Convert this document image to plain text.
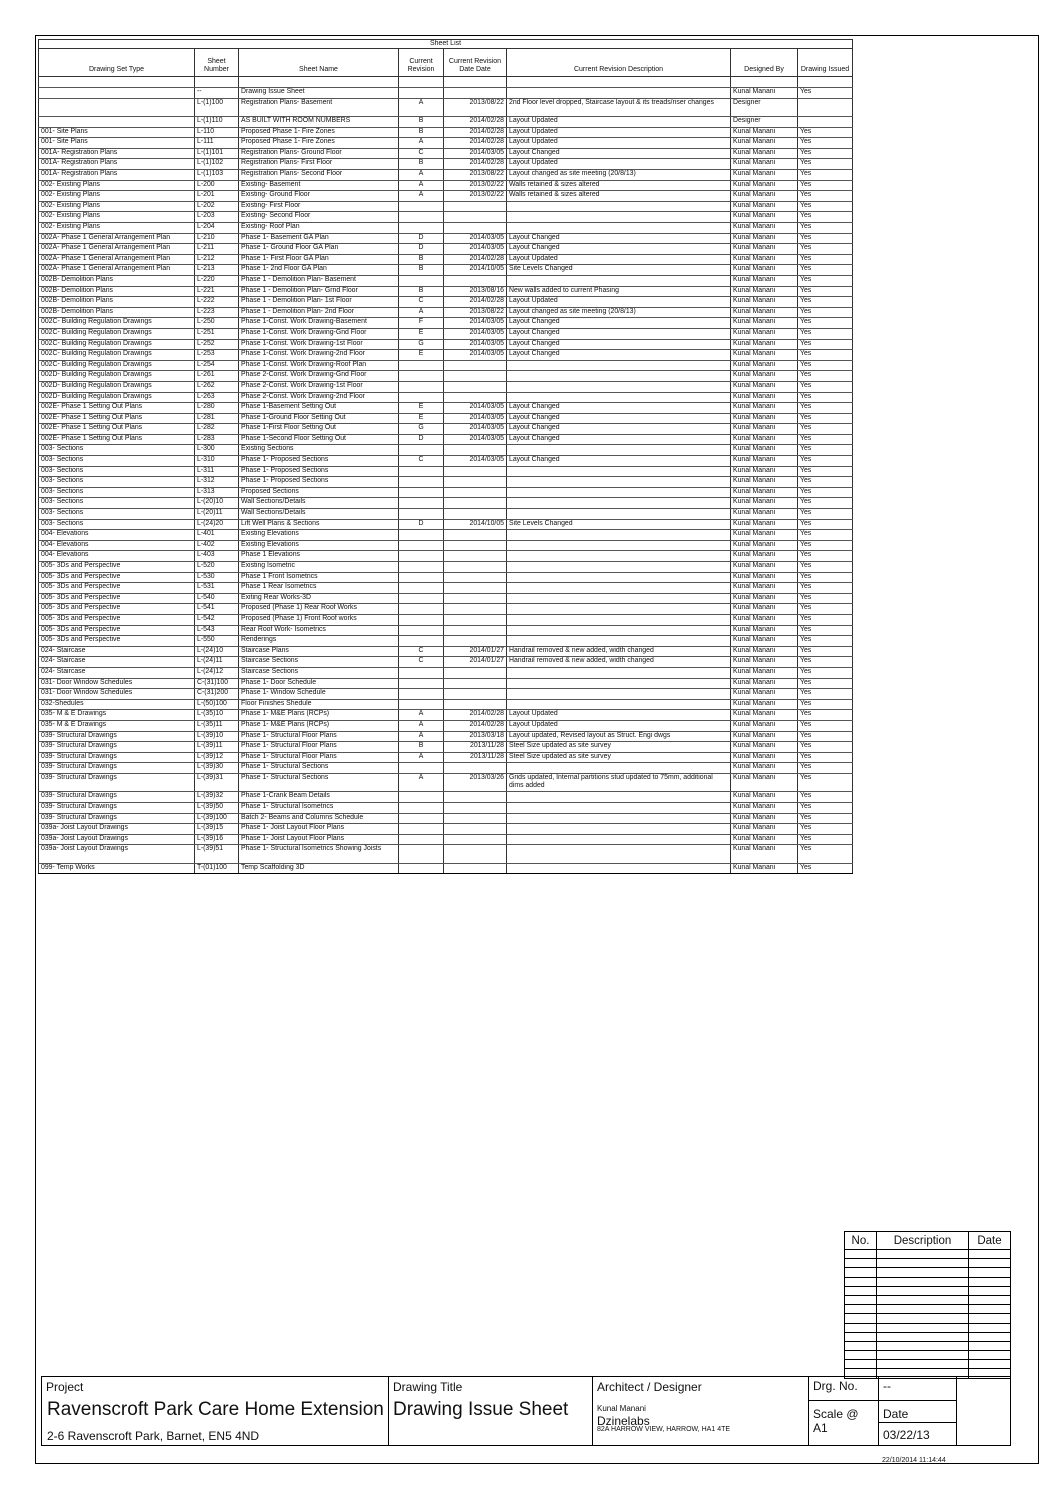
Sheet List							
Drawing Set Type	Sheet Number	Sheet Name	Current Revision	Current Revision Date Date	Current Revision Description	Designed By	Drawing Issued

	--	Drawing Issue Sheet				Kunal Manani	Yes
	L-(1)100	Registration Plans- Basement	A	2013/08/22	2nd Floor level dropped, Staircase layout & its treads/riser changes	Designer	
	L-(1)110	AS BUILT WITH ROOM NUMBERS	B	2014/02/28	Layout Updated	Designer	
001- Site Plans	L-110	Proposed Phase 1- Fire Zones	B	2014/02/28	Layout Updated	Kunal Manani	Yes
001- Site Plans	L-111	Proposed Phase 1- Fire Zones	A	2014/02/28	Layout Updated	Kunal Manani	Yes
001A- Registration Plans	L-(1)101	Registration Plans- Ground Floor	C	2014/03/05	Layout Changed	Kunal Manani	Yes
001A- Registration Plans	L-(1)102	Registration Plans- First Floor	B	2014/02/28	Layout Updated	Kunal Manani	Yes
001A- Registration Plans	L-(1)103	Registration Plans- Second Floor	A	2013/08/22	Layout changed as site meeting (20/8/13)	Kunal Manani	Yes
002- Existing Plans	L-200	Existing- Basement	A	2013/02/22	Walls retained & sizes altered	Kunal Manani	Yes
002- Existing Plans	L-201	Existing- Ground Floor	A	2013/02/22	Walls retained & sizes altered	Kunal Manani	Yes
002- Existing Plans	L-202	Existing- First Floor				Kunal Manani	Yes
002- Existing Plans	L-203	Existing- Second Floor				Kunal Manani	Yes
002- Existing Plans	L-204	Existing- Roof Plan				Kunal Manani	Yes
002A- Phase 1 General Arrangement Plan	L-210	Phase 1- Basement GA Plan	D	2014/03/05	Layout Changed	Kunal Manani	Yes
002A- Phase 1 General Arrangement Plan	L-211	Phase 1- Ground Floor GA Plan	D	2014/03/05	Layout Changed	Kunal Manani	Yes
002A- Phase 1 General Arrangement Plan	L-212	Phase 1- First Floor GA Plan	B	2014/02/28	Layout Updated	Kunal Manani	Yes
002A- Phase 1 General Arrangement Plan	L-213	Phase 1- 2nd Floor GA Plan	B	2014/10/05	Site Levels Changed	Kunal Manani	Yes
002B- Demolition Plans	L-220	Phase 1 - Demolition Plan- Basement				Kunal Manani	Yes
002B- Demolition Plans	L-221	Phase 1 - Demolition Plan- Grnd Floor	B	2013/08/16	New walls added to current Phasing	Kunal Manani	Yes
002B- Demolition Plans	L-222	Phase 1 - Demolition Plan- 1st Floor	C	2014/02/28	Layout Updated	Kunal Manani	Yes
002B- Demolition Plans	L-223	Phase 1 - Demolition Plan- 2nd Floor	A	2013/08/22	Layout changed as site meeting (20/8/13)	Kunal Manani	Yes
002C- Building Regulation Drawings	L-250	Phase 1-Const. Work Drawing-Basement	F	2014/03/05	Layout Changed	Kunal Manani	Yes
002C- Building Regulation Drawings	L-251	Phase 1-Const. Work Drawing-Gnd Floor	E	2014/03/05	Layout Changed	Kunal Manani	Yes
002C- Building Regulation Drawings	L-252	Phase 1-Const. Work Drawing-1st Floor	G	2014/03/05	Layout Changed	Kunal Manani	Yes
002C- Building Regulation Drawings	L-253	Phase 1-Const. Work Drawing-2nd Floor	E	2014/03/05	Layout Changed	Kunal Manani	Yes
002C- Building Regulation Drawings	L-254	Phase 1-Const. Work Drawing-Roof Plan				Kunal Manani	Yes
002D- Building Regulation Drawings	L-261	Phase 2-Const. Work Drawing-Gnd Floor				Kunal Manani	Yes
002D- Building Regulation Drawings	L-262	Phase 2-Const. Work Drawing-1st Floor				Kunal Manani	Yes
002D- Building Regulation Drawings	L-263	Phase 2-Const. Work Drawing-2nd Floor				Kunal Manani	Yes
002E- Phase 1 Setting Out Plans	L-280	Phase 1-Basement Setting Out	E	2014/03/05	Layout Changed	Kunal Manani	Yes
002E- Phase 1 Setting Out Plans	L-281	Phase 1-Ground Floor Setting Out	E	2014/03/05	Layout Changed	Kunal Manani	Yes
002E- Phase 1 Setting Out Plans	L-282	Phase 1-First Floor Setting Out	G	2014/03/05	Layout Changed	Kunal Manani	Yes
002E- Phase 1 Setting Out Plans	L-283	Phase 1-Second Floor Setting Out	D	2014/03/05	Layout Changed	Kunal Manani	Yes
003- Sections	L-300	Existing Sections				Kunal Manani	Yes
003- Sections	L-310	Phase 1- Proposed Sections	C	2014/03/05	Layout Changed	Kunal Manani	Yes
003- Sections	L-311	Phase 1- Proposed Sections				Kunal Manani	Yes
003- Sections	L-312	Phase 1- Proposed Sections				Kunal Manani	Yes
003- Sections	L-313	Proposed Sections				Kunal Manani	Yes
003- Sections	L-(20)10	Wall Sections/Details				Kunal Manani	Yes
003- Sections	L-(20)11	Wall Sections/Details				Kunal Manani	Yes
003- Sections	L-(24)20	Lift Well Plans & Sections	D	2014/10/05	Site Levels Changed	Kunal Manani	Yes
004- Elevations	L-401	Existing Elevations				Kunal Manani	Yes
004- Elevations	L-402	Existing Elevations				Kunal Manani	Yes
004- Elevations	L-403	Phase 1 Elevations				Kunal Manani	Yes
005- 3Ds and Perspective	L-520	Existing Isometric				Kunal Manani	Yes
005- 3Ds and Perspective	L-530	Phase 1 Front Isometrics				Kunal Manani	Yes
005- 3Ds and Perspective	L-531	Phase 1 Rear Isometrics				Kunal Manani	Yes
005- 3Ds and Perspective	L-540	Exiting Rear Works-3D				Kunal Manani	Yes
005- 3Ds and Perspective	L-541	Proposed (Phase 1) Rear Roof Works				Kunal Manani	Yes
005- 3Ds and Perspective	L-542	Proposed (Phase 1) Front Roof works				Kunal Manani	Yes
005- 3Ds and Perspective	L-543	Rear Roof Work- Isometrics				Kunal Manani	Yes
005- 3Ds and Perspective	L-550	Renderings				Kunal Manani	Yes
024- Staircase	L-(24)10	Staircase Plans	C	2014/01/27	Handrail removed & new added, width changed	Kunal Manani	Yes
024- Staircase	L-(24)11	Staircase Sections	C	2014/01/27	Handrail removed & new added, width changed	Kunal Manani	Yes
024- Staircase	L-(24)12	Staircase Sections				Kunal Manani	Yes
031- Door Window Schedules	C-(31)100	Phase 1- Door Schedule				Kunal Manani	Yes
031- Door Window Schedules	C-(31)200	Phase 1- Window Schedule				Kunal Manani	Yes
032-Shedules	L-(50)100	Floor Finishes Shedule				Kunal Manani	Yes
035- M & E Drawings	L-(35)10	Phase 1- M&E Plans (RCPs)	A	2014/02/28	Layout Updated	Kunal Manani	Yes
035- M & E Drawings	L-(35)11	Phase 1- M&E Plans (RCPs)	A	2014/02/28	Layout Updated	Kunal Manani	Yes
039- Structural Drawings	L-(39)10	Phase 1- Structural Floor Plans	A	2013/03/18	Layout updated, Revised layout as Struct. Engi dwgs	Kunal Manani	Yes
039- Structural Drawings	L-(39)11	Phase 1- Structural Floor Plans	B	2013/11/28	Steel Size updated as site survey	Kunal Manani	Yes
039- Structural Drawings	L-(39)12	Phase 1- Structural Floor Plans	A	2013/11/28	Steel Size updated as site survey	Kunal Manani	Yes
039- Structural Drawings	L-(39)30	Phase 1- Structural Sections				Kunal Manani	Yes
039- Structural Drawings	L-(39)31	Phase 1- Structural Sections	A	2013/03/26	Grids updated, Internal partitions stud updated to 75mm, additional dims added	Kunal Manani	Yes
039- Structural Drawings	L-(39)32	Phase 1-Crank Beam Details				Kunal Manani	Yes
039- Structural Drawings	L-(39)50	Phase 1- Structural Isometrics				Kunal Manani	Yes
039- Structural Drawings	L-(39)100	Batch 2- Beams and Columns Schedule				Kunal Manani	Yes
039a- Joist Layout Drawings	L-(39)15	Phase 1- Joist Layout Floor Plans				Kunal Manani	Yes
039a- Joist Layout Drawings	L-(39)16	Phase 1- Joist Layout Floor Plans				Kunal Manani	Yes
039a- Joist Layout Drawings	L-(39)51	Phase 1- Structural Isometrics Showing Joists				Kunal Manani	Yes
099- Temp Works	T-(01)100	Temp Scaffolding 3D				Kunal Manani	Yes
No.	Description	Date

Project
Ravenscroft Park Care Home Extension
2-6 Ravenscroft Park, Barnet, EN5 4ND
Drawing Title
Drawing Issue Sheet
Architect / Designer
Kunal Manani
Dzinelabs
82A HARROW VIEW, HARROW, HA1 4TE
Drg. No.	--
Scale @ A1
Date
03/22/13
22/10/2014 11:14:44
